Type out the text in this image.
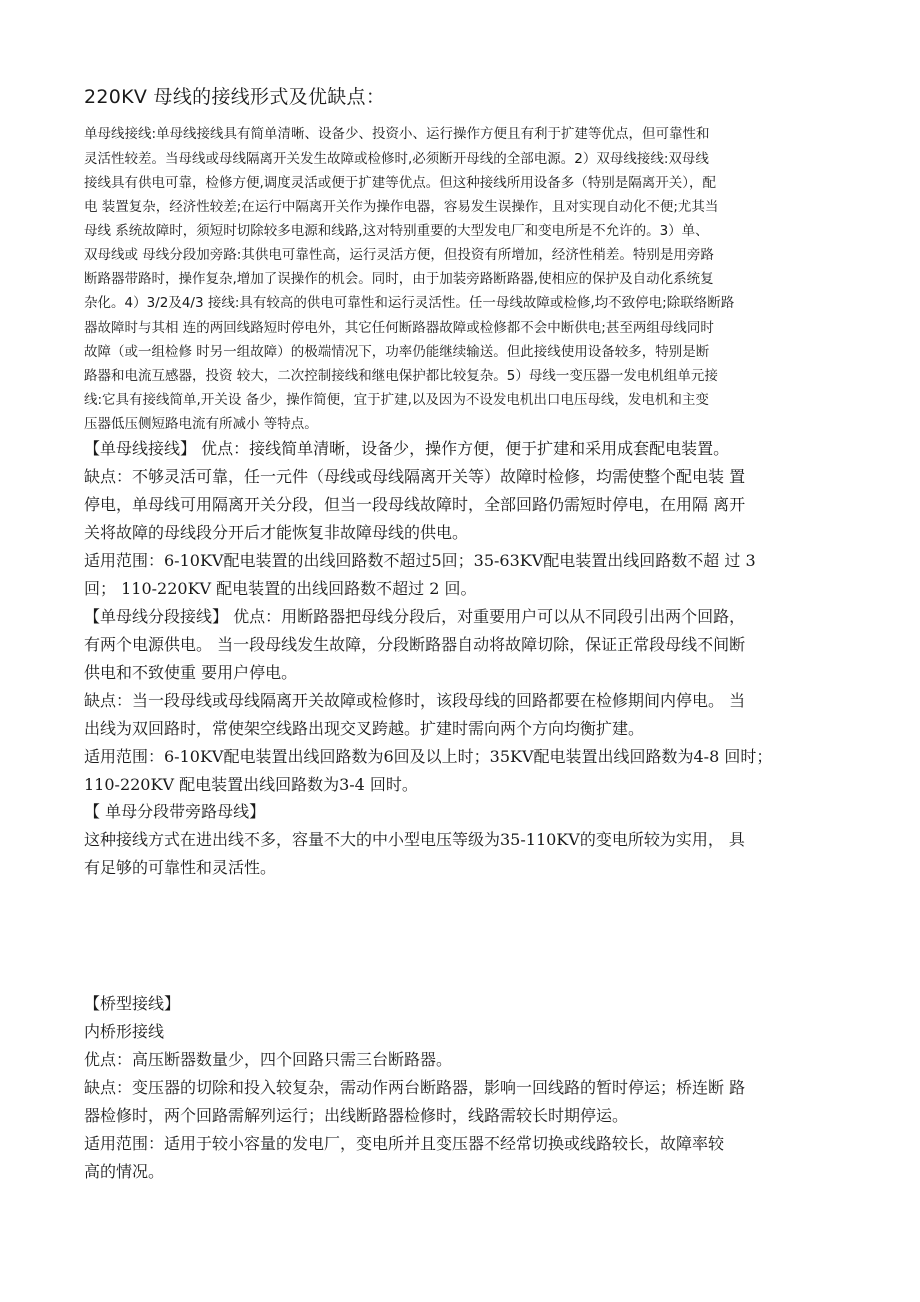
220KV 母线的接线形式及优缺点：
单母线接线:单母线接线具有简单清晰、设备少、投资小、运行操作方便且有利于扩建等优点，但可靠性和
灵活性较差。当母线或母线隔离开关发生故障或检修时,必须断开母线的全部电源。2）双母线接线:双母线
接线具有供电可靠，检修方便,调度灵活或便于扩建等优点。但这种接线所用设备多（特别是隔离开关），配
电 装置复杂，经济性较差;在运行中隔离开关作为操作电器，容易发生误操作，且对实现自动化不便;尤其当
母线 系统故障时，须短时切除较多电源和线路,这对特别重要的大型发电厂和变电所是不允许的。3）单、
双母线或 母线分段加旁路:其供电可靠性高，运行灵活方便，但投资有所增加，经济性稍差。特别是用旁路
断路器带路时，操作复杂,增加了误操作的机会。同时，由于加装旁路断路器,使相应的保护及自动化系统复
杂化。4）3/2及4/3 接线:具有较高的供电可靠性和运行灵活性。任一母线故障或检修,均不致停电;除联络断路
器故障时与其相 连的两回线路短时停电外，其它任何断路器故障或检修都不会中断供电;甚至两组母线同时
故障（或一组检修 时另一组故障）的极端情况下，功率仍能继续输送。但此接线使用设备较多，特别是断
路器和电流互感器，投资 较大，二次控制接线和继电保护都比较复杂。5）母线一变压器一发电机组单元接
线:它具有接线简单,开关设 备少，操作简便，宜于扩建,以及因为不设发电机出口电压母线，发电机和主变
压器低压侧短路电流有所减小 等特点。
【单母线接线】 优点：接线简单清晰，设备少，操作方便，便于扩建和采用成套配电装置。
缺点：不够灵活可靠，任一元件（母线或母线隔离开关等）故障时检修，均需使整个配电装 置
停电，单母线可用隔离开关分段，但当一段母线故障时，全部回路仍需短时停电，在用隔 离开
关将故障的母线段分开后才能恢复非故障母线的供电。
适用范围：6-10KV配电装置的出线回路数不超过5回；35-63KV配电装置出线回路数不超 过 3
回； 110-220KV 配电装置的出线回路数不超过 2 回。
【单母线分段接线】 优点：用断路器把母线分段后，对重要用户可以从不同段引出两个回路，
有两个电源供电。 当一段母线发生故障，分段断路器自动将故障切除，保证正常段母线不间断
供电和不致使重 要用户停电。
缺点：当一段母线或母线隔离开关故障或检修时，该段母线的回路都要在检修期间内停电。 当
出线为双回路时，常使架空线路出现交叉跨越。扩建时需向两个方向均衡扩建。
适用范围：6-10KV配电装置出线回路数为6回及以上时；35KV配电装置出线回路数为4-8 回时；
110-220KV 配电装置出线回路数为3-4 回时。
【 单母分段带旁路母线】
这种接线方式在进出线不多，容量不大的中小型电压等级为35-110KV的变电所较为实用， 具
有足够的可靠性和灵活性。
【桥型接线】
内桥形接线
优点：高压断器数量少，四个回路只需三台断路器。
缺点：变压器的切除和投入较复杂，需动作两台断路器，影响一回线路的暂时停运；桥连断 路
器检修时，两个回路需解列运行；出线断路器检修时，线路需较长时期停运。
适用范围：适用于较小容量的发电厂，变电所并且变压器不经常切换或线路较长，故障率较
高的情况。
